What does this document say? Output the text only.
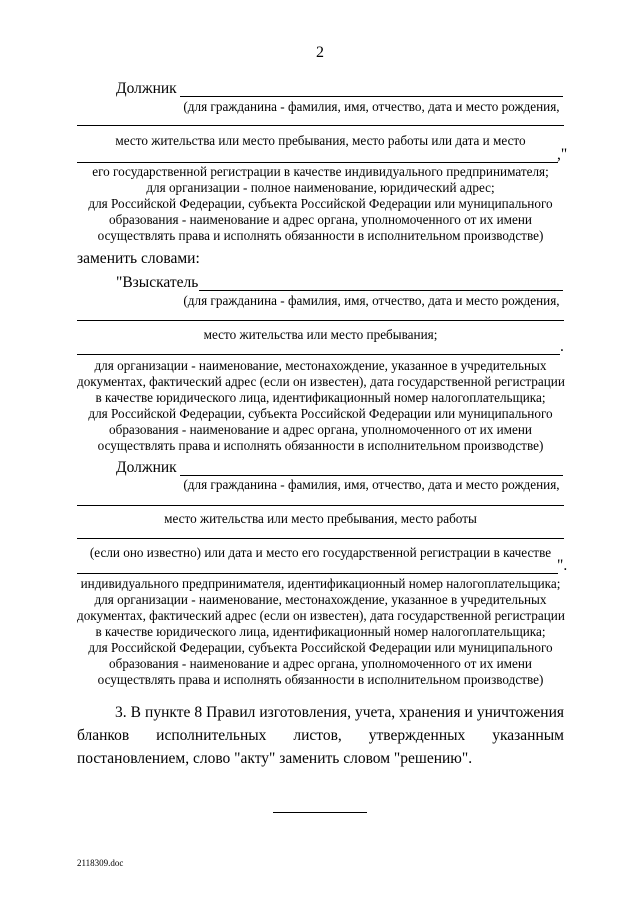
2
Должник
(для гражданина - фамилия, имя, отчество, дата и место рождения,
место жительства или место пребывания, место работы или дата и место
,"
его государственной регистрации в качестве индивидуального предпринимателя;
для организации - полное наименование, юридический адрес;
для Российской Федерации, субъекта Российской Федерации или муниципального
образования - наименование и адрес органа, уполномоченного от их имени
осуществлять права и исполнять обязанности в исполнительном производстве)
заменить словами:
"Взыскатель
(для гражданина - фамилия, имя, отчество, дата и место рождения,
место жительства или место пребывания;
.
для организации - наименование, местонахождение, указанное в учредительных
документах, фактический адрес (если он известен), дата государственной регистрации
в качестве юридического лица, идентификационный номер налогоплательщика;
для Российской Федерации, субъекта Российской Федерации или муниципального
образования - наименование и адрес органа, уполномоченного от их имени
осуществлять права и исполнять обязанности в исполнительном производстве)
Должник
(для гражданина - фамилия, имя, отчество, дата и место рождения,
место жительства или место пребывания, место работы
(если оно известно) или дата и место его государственной регистрации в качестве
".
индивидуального предпринимателя, идентификационный номер налогоплательщика;
для организации - наименование, местонахождение, указанное в учредительных
документах, фактический адрес (если он известен), дата государственной регистрации
в качестве юридического лица, идентификационный номер налогоплательщика;
для Российской Федерации, субъекта Российской Федерации или муниципального
образования - наименование и адрес органа, уполномоченного от их имени
осуществлять права и исполнять обязанности в исполнительном производстве)
3. В пункте 8 Правил изготовления, учета, хранения и уничтожения
бланков исполнительных листов, утвержденных указанным
постановлением, слово "акту" заменить словом "решению".
2118309.doc
